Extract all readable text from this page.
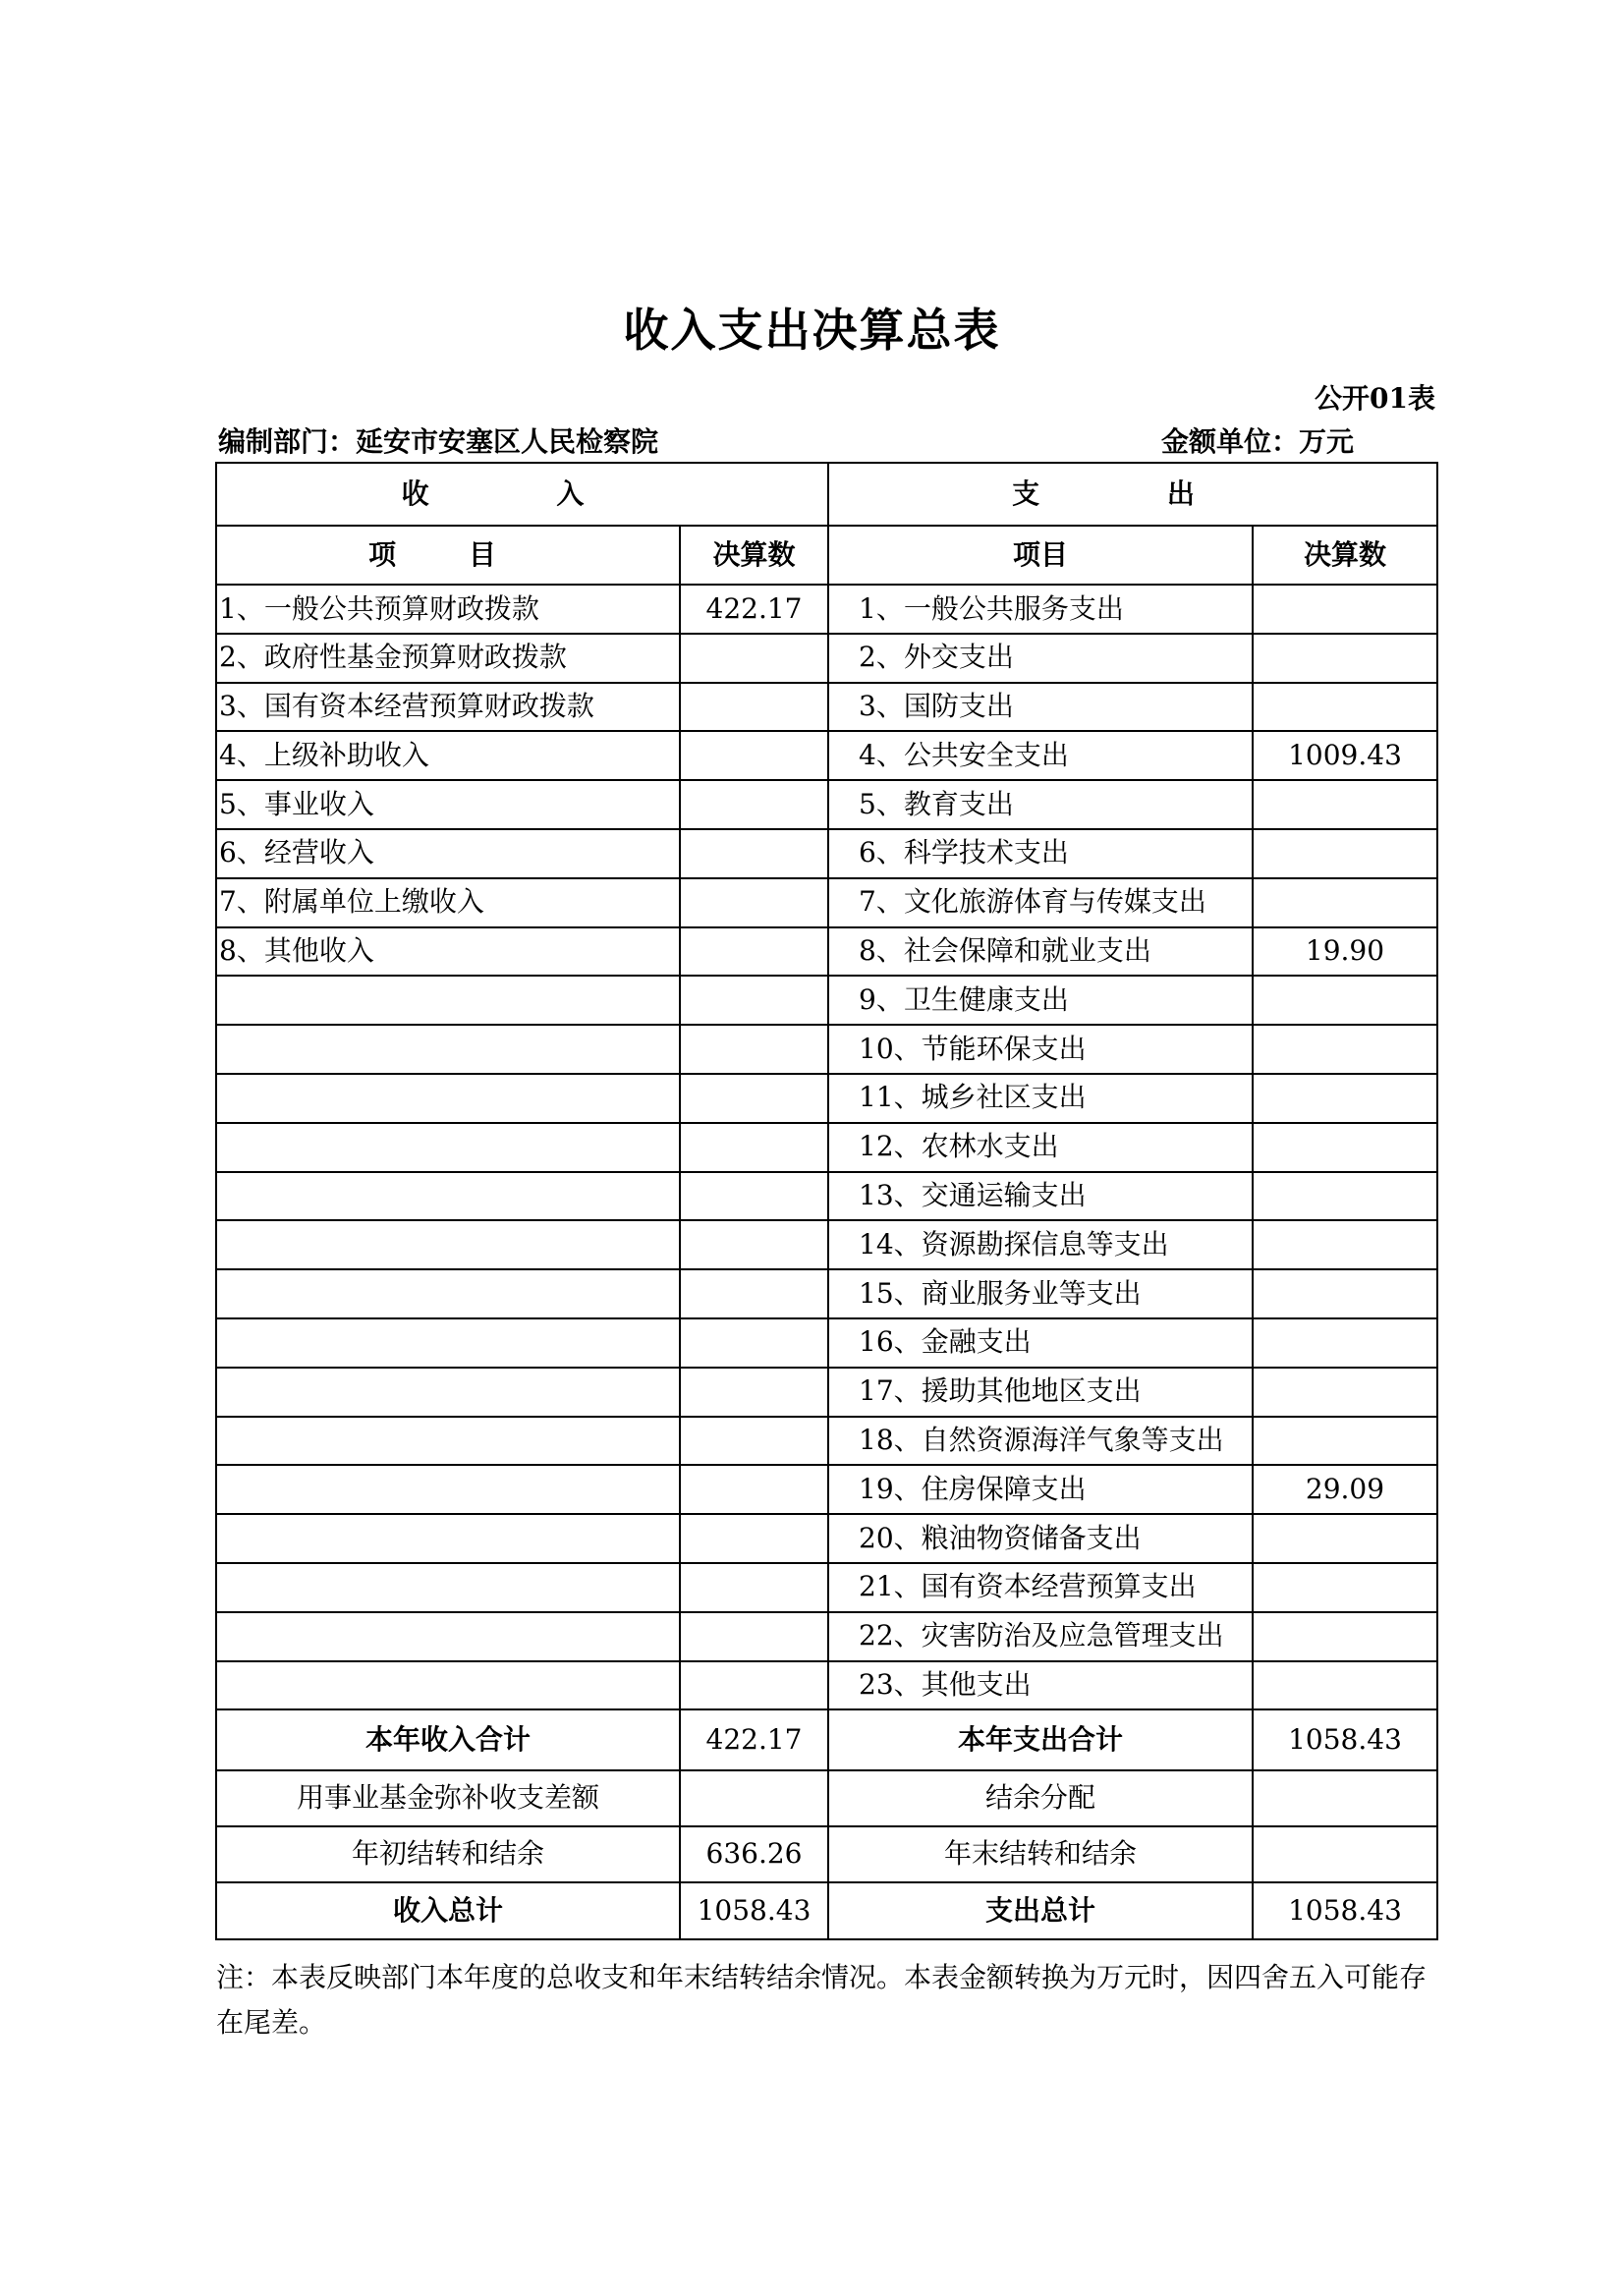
收入支出决算总表
公开01表
编制部门：延安市安塞区人民检察院	金额单位：万元
收 入		支 出	
项 目	决算数	项目	决算数
1、一般公共预算财政拨款	422.17	1、一般公共服务支出	
2、政府性基金预算财政拨款		2、外交支出	
3、国有资本经营预算财政拨款		3、国防支出	
4、上级补助收入		4、公共安全支出	1009.43
5、事业收入		5、教育支出	
6、经营收入		6、科学技术支出	
7、附属单位上缴收入		7、文化旅游体育与传媒支出	
8、其他收入		8、社会保障和就业支出	19.90
		9、卫生健康支出	
		10、节能环保支出	
		11、城乡社区支出	
		12、农林水支出	
		13、交通运输支出	
		14、资源勘探信息等支出	
		15、商业服务业等支出	
		16、金融支出	
		17、援助其他地区支出	
		18、自然资源海洋气象等支出	
		19、住房保障支出	29.09
		20、粮油物资储备支出	
		21、国有资本经营预算支出	
		22、灾害防治及应急管理支出	
		23、其他支出	
本年收入合计	422.17	本年支出合计	1058.43
用事业基金弥补收支差额		结余分配	
年初结转和结余	636.26	年末结转和结余	
收入总计	1058.43	支出总计	1058.43
注：本表反映部门本年度的总收支和年末结转结余情况。本表金额转换为万元时，因四舍五入可能存在尾差。
